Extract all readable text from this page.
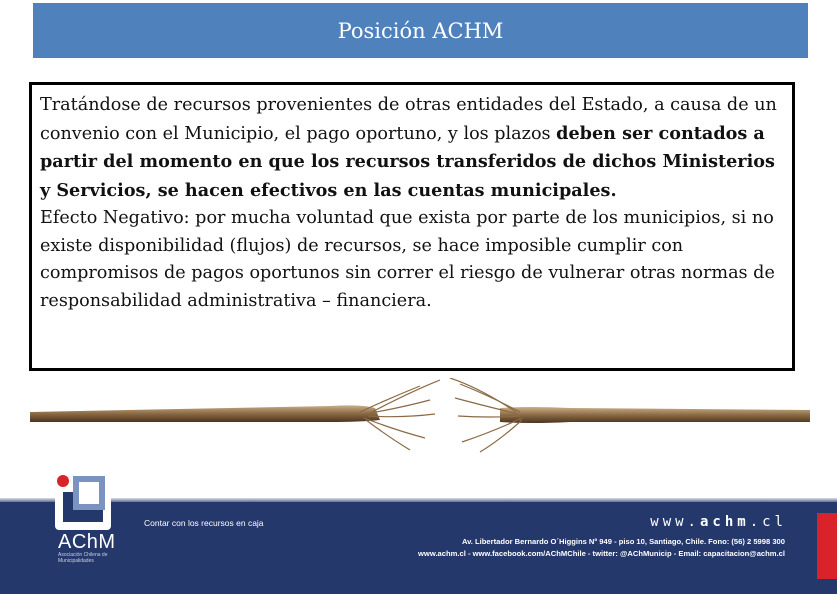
Posición ACHM
Tratándose de recursos provenientes de otras entidades del Estado, a causa de un convenio con el Municipio, el pago oportuno, y los plazos deben ser contados a partir del momento en que los recursos transferidos de dichos Ministerios y Servicios, se hacen efectivos en las cuentas municipales.
Efecto Negativo: por mucha voluntad que exista por parte de los municipios, si no existe disponibilidad (flujos) de recursos, se hace imposible cumplir con compromisos de pagos oportunos sin correr el riesgo de vulnerar otras normas de responsabilidad administrativa – financiera.
AChM
Asociación Chilena de Municipalidades
Contar con los recursos en caja	www.achm.cl
Av. Libertador Bernardo O´Higgins Nº 949 - piso 10, Santiago, Chile. Fono: (56) 2 5998 300
www.achm.cl - www.facebook.com/AChMChile - twitter: @AChMunicip - Email: capacitacion@achm.cl
